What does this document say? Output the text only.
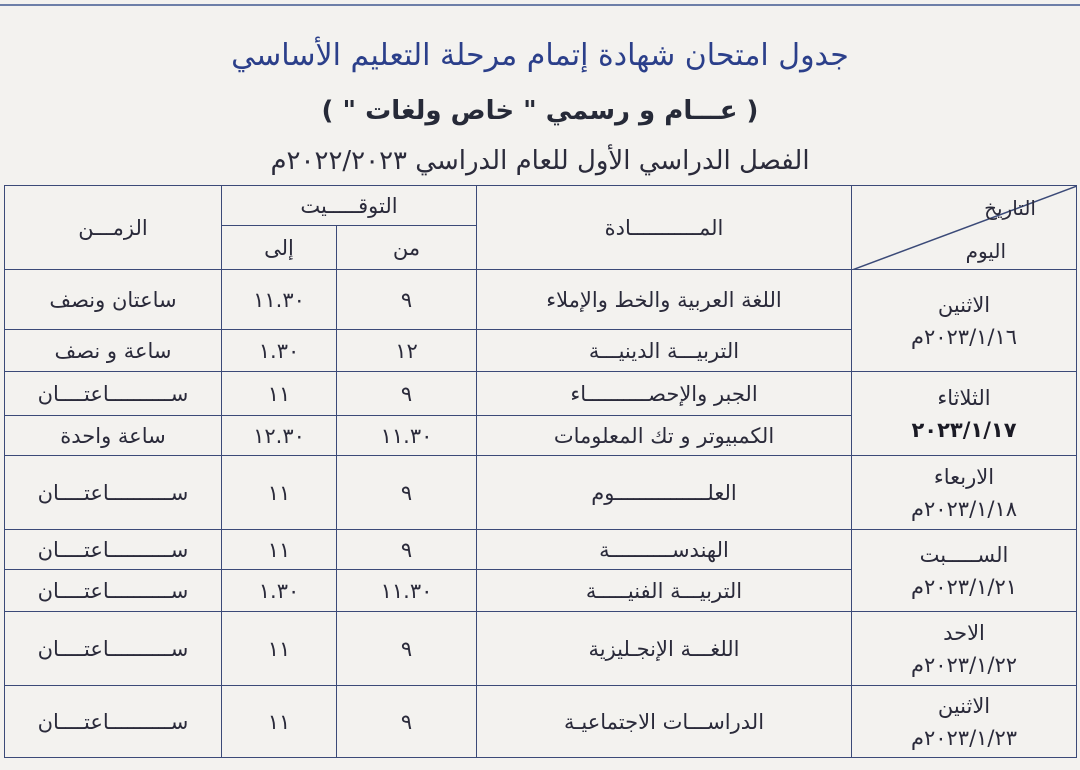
جدول امتحان شهادة إتمام مرحلة التعليم الأساسي
( عـــام و رسمي " خاص ولغات " )
الفصل الدراسي الأول للعام الدراسي ٢٠٢٢/٢٠٢٣م
التاريخ
اليوم	المـــــــــــادة	التوقـــــيت		الزمـــن
		من	إلى	

الاثنين
٢٠٢٣/١/١٦م	اللغة العربية والخط والإملاء	٩	١١.٣٠	ساعتان ونصف
	التربيـــة الدينيـــة	١٢	١.٣٠	ساعة و نصف

الثلاثاء
٢٠٢٣/١/١٧	الجبر والإحصــــــــــاء	٩	١١	ســــــــــاعتــــان
	الكمبيوتر و تك المعلومات	١١.٣٠	١٢.٣٠	ساعة واحدة

الاربعاء
٢٠٢٣/١/١٨م	العلـــــــــــــــوم	٩	١١	ســــــــــاعتــــان

الســـــبت
٢٠٢٣/١/٢١م	الهندســــــــــة	٩	١١	ســــــــــاعتــــان
	التربيـــة الفنيـــــة	١١.٣٠	١.٣٠	ســــــــــاعتــــان

الاحد
٢٠٢٣/١/٢٢م	اللغـــة الإنجـليزية	٩	١١	ســــــــــاعتــــان

الاثنين
٢٠٢٣/١/٢٣م	الدراســـات الاجتماعيـة	٩	١١	ســــــــــاعتــــان
